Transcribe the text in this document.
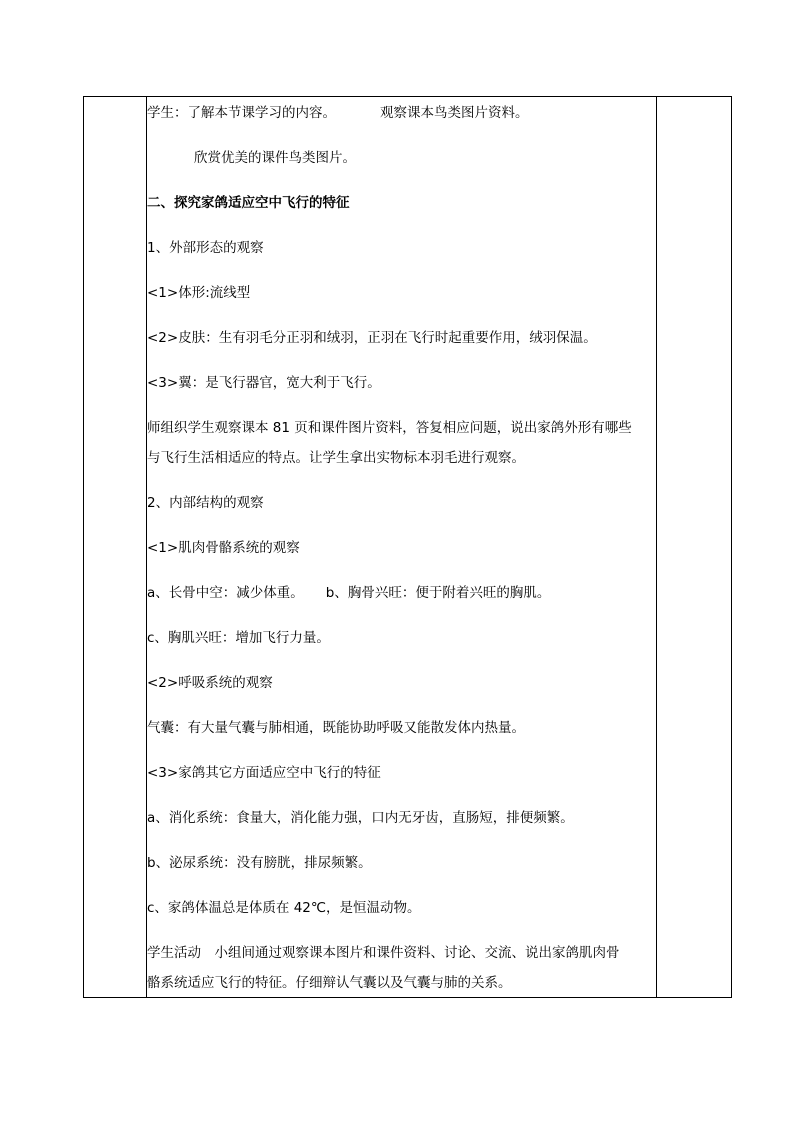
学生：了解本节课学习的内容。	观察课本鸟类图片资料。

欣赏优美的课件鸟类图片。

二、探究家鸽适应空中飞行的特征

1、外部形态的观察

<1>体形:流线型

<2>皮肤：生有羽毛分正羽和绒羽，正羽在飞行时起重要作用，绒羽保温。

<3>翼：是飞行器官，宽大利于飞行。

师组织学生观察课本 81 页和课件图片资料，答复相应问题，说出家鸽外形有哪些

与飞行生活相适应的特点。让学生拿出实物标本羽毛进行观察。

2、内部结构的观察

<1>肌肉骨骼系统的观察

a、长骨中空：减少体重。 b、胸骨兴旺：便于附着兴旺的胸肌。

c、胸肌兴旺：增加飞行力量。

<2>呼吸系统的观察

气囊：有大量气囊与肺相通，既能协助呼吸又能散发体内热量。

<3>家鸽其它方面适应空中飞行的特征

a、消化系统：食量大，消化能力强，口内无牙齿，直肠短，排便频繁。

b、泌尿系统：没有膀胱，排尿频繁。

c、家鸽体温总是体质在 42℃，是恒温动物。

学生活动　小组间通过观察课本图片和课件资料、讨论、交流、说出家鸽肌肉骨

骼系统适应飞行的特征。仔细辩认气囊以及气囊与肺的关系。
